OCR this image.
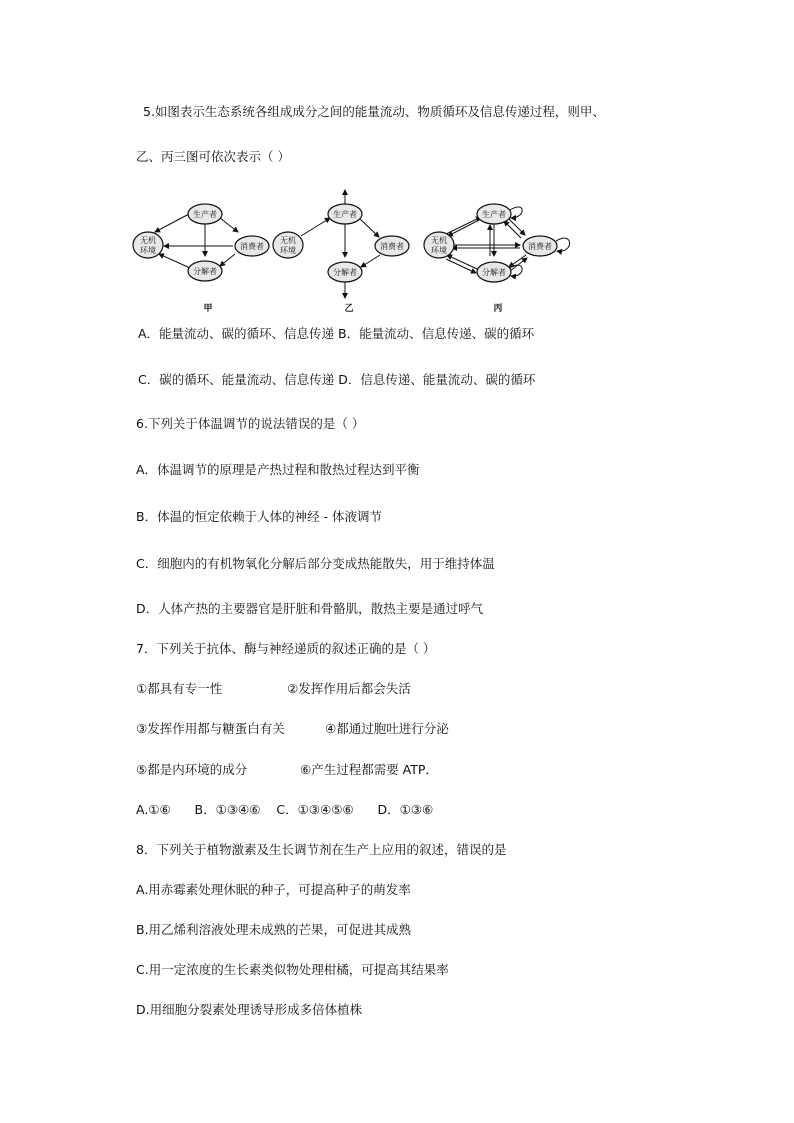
5.如图表示生态系统各组成成分之间的能量流动、物质循环及信息传递过程，则甲、
乙、丙三图可依次表示（ ）
生产者
无机
环境	消费者
分解者
甲
生产者
无机
环境	消费者
分解者
乙
生产者
无机
环境	消费者
分解者
丙
A．能量流动、碳的循环、信息传递 B．能量流动、信息传递、碳的循环
C．碳的循环、能量流动、信息传递 D．信息传递、能量流动、碳的循环
6.下列关于体温调节的说法错误的是（ ）
A．体温调节的原理是产热过程和散热过程达到平衡
B．体温的恒定依赖于人体的神经 - 体液调节
C．细胞内的有机物氧化分解后部分变成热能散失，用于维持体温
D．人体产热的主要器官是肝脏和骨骼肌，散热主要是通过呼气
7．下列关于抗体、酶与神经递质的叙述正确的是（ ）
①都具有专一性	②发挥作用后都会失活
③发挥作用都与糖蛋白有关	④都通过胞吐进行分泌
⑤都是内环境的成分	⑥产生过程都需要 ATP．
A.①⑥      B．①③④⑥    C．①③④⑤⑥      D．①③⑥
8．下列关于植物激素及生长调节剂在生产上应用的叙述，错误的是
A.用赤霉素处理休眠的种子，可提高种子的萌发率
B.用乙烯利溶液处理未成熟的芒果，可促进其成熟
C.用一定浓度的生长素类似物处理柑橘，可提高其结果率
D.用细胞分裂素处理诱导形成多倍体植株
